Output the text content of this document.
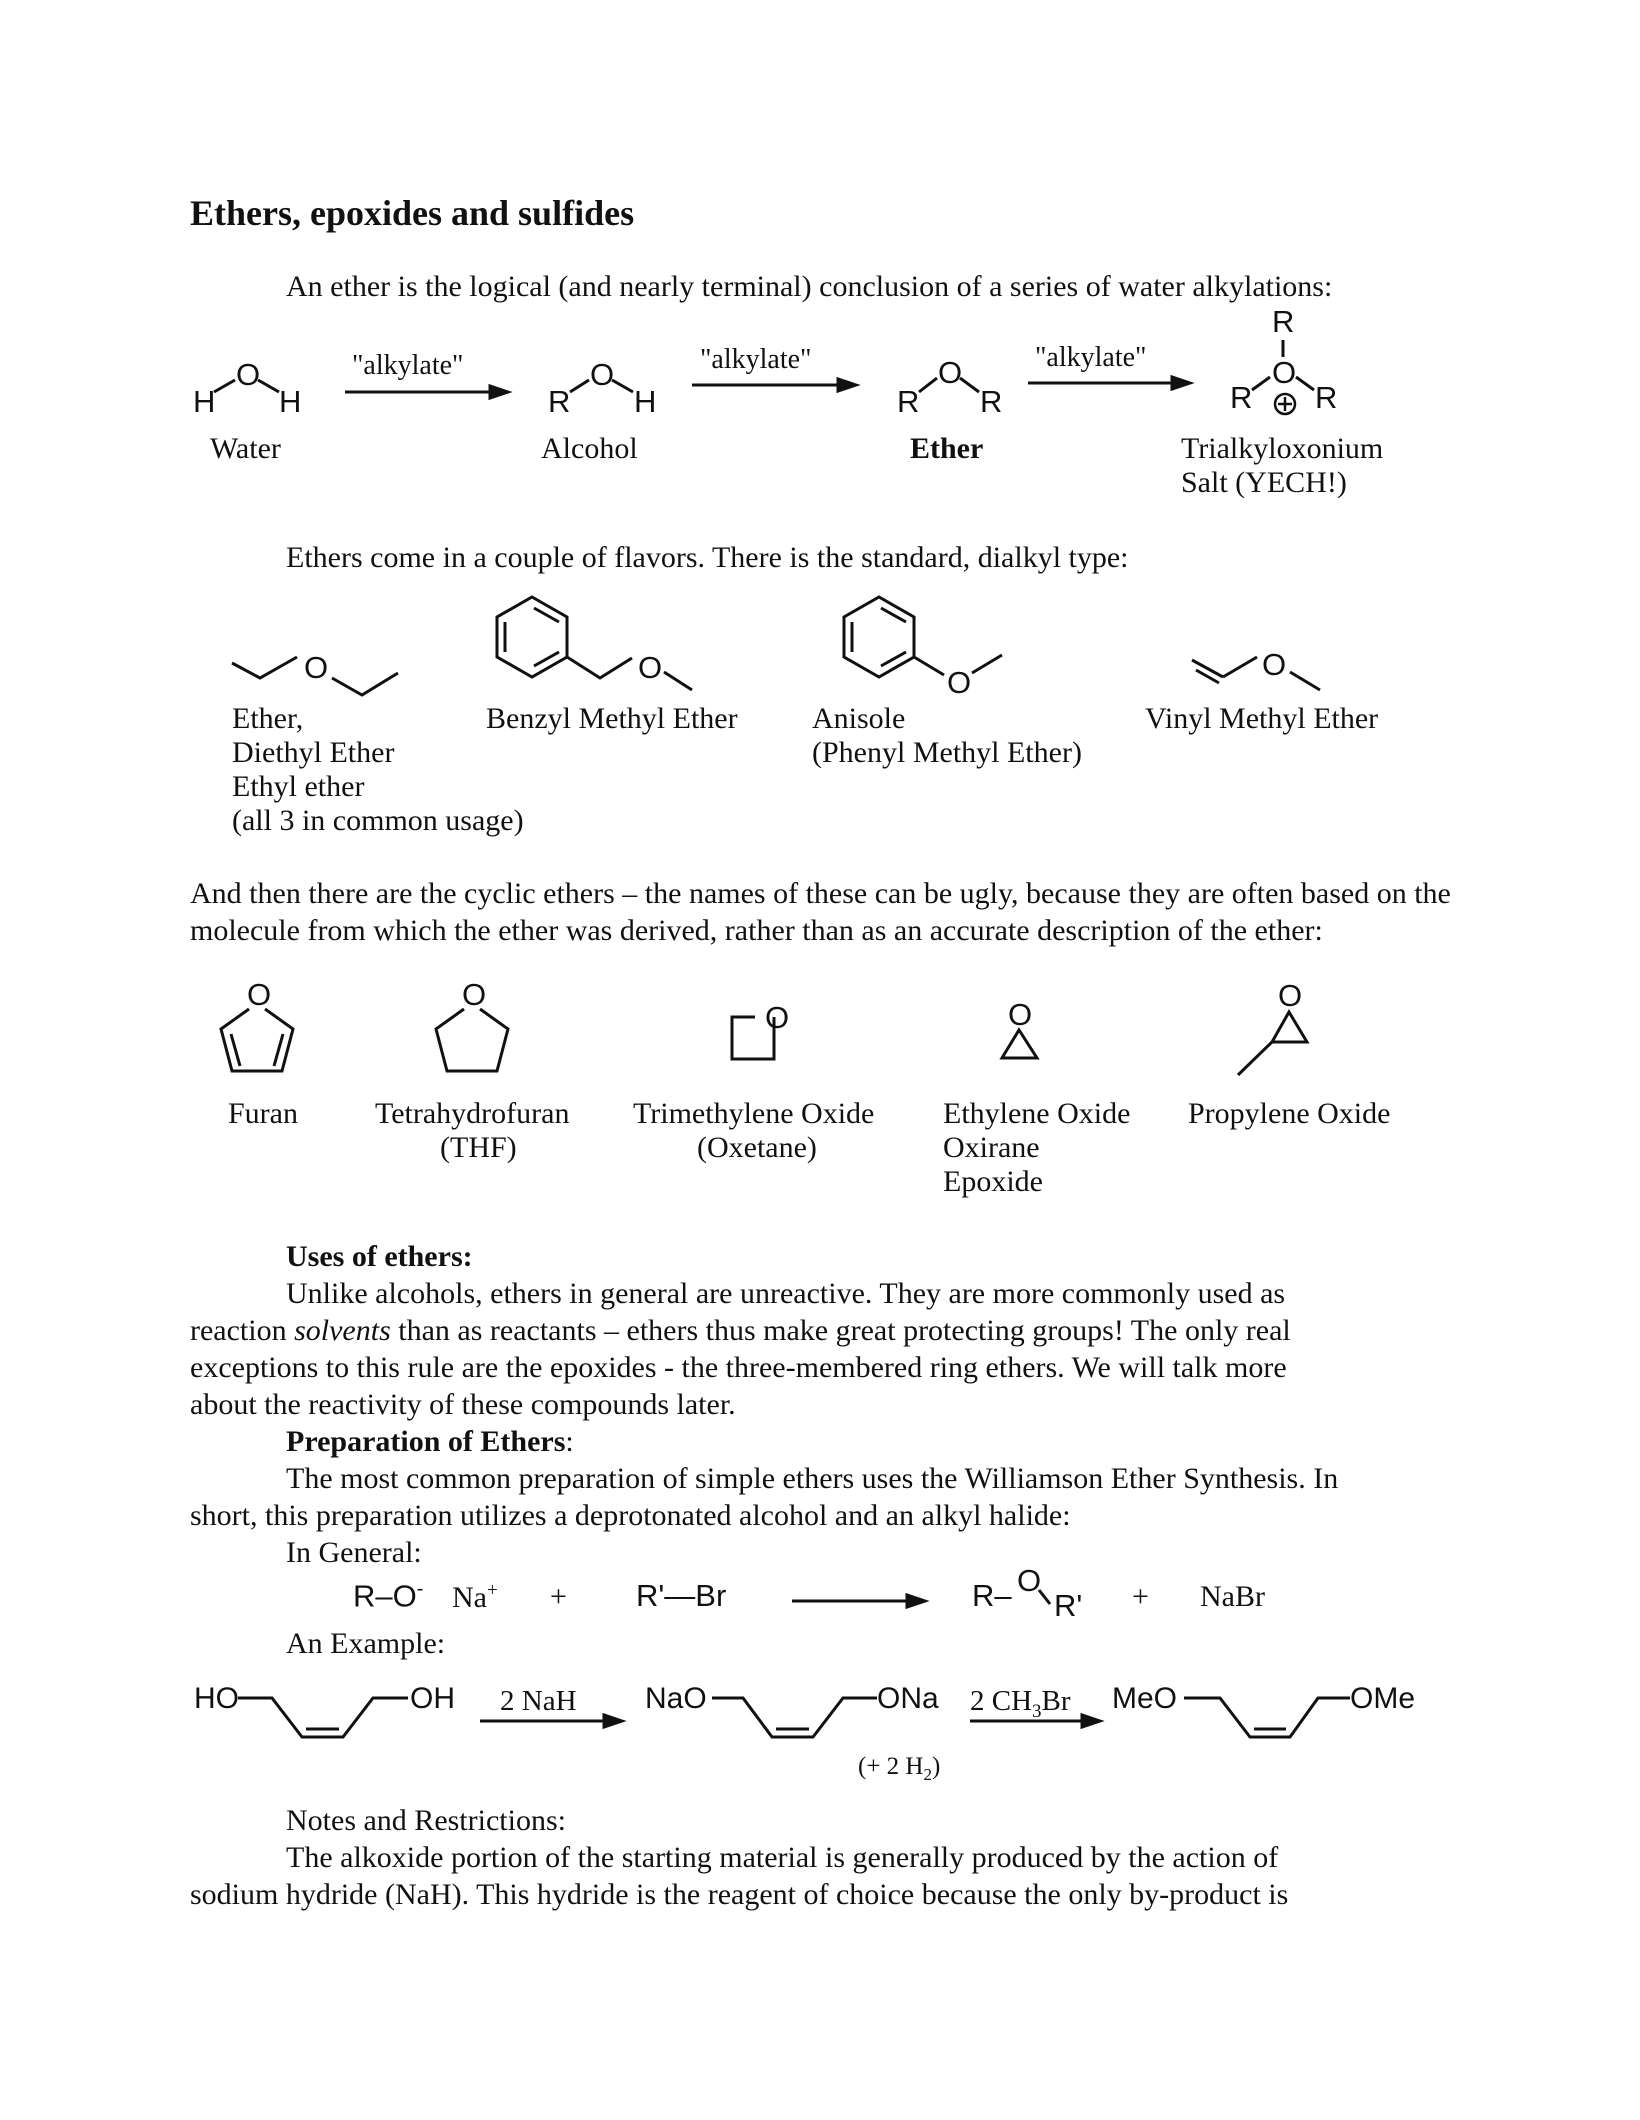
Ethers, epoxides and sulfides
An ether is the logical (and nearly terminal) conclusion of a series of water alkylations:
H
O
H	R
O
H	R
O
R
R
O
R R
"alkylate"	"alkylate"	"alkylate"
Water	Alcohol	Ether	Trialkyloxonium
Salt (YECH!)
Ethers come in a couple of flavors. There is the standard, dialkyl type:
O	O	O
O
Ether,
Diethyl Ether
Ethyl ether
(all 3 in common usage)
Benzyl Methyl Ether Anisole
(Phenyl Methyl Ether)
Vinyl Methyl Ether
And then there are the cyclic ethers – the names of these can be ugly, because they are often based on the molecule from which the ether was derived, rather than as an accurate description of the ether:
O	O
O	O
O
Furan	Tetrahydrofuran
(THF)
Trimethylene Oxide
(Oxetane)
Ethylene Oxide
Oxirane
Epoxide
Propylene Oxide
Uses of ethers:
Unlike alcohols, ethers in general are unreactive. They are more commonly used as
reaction solvents than as reactants – ethers thus make great protecting groups! The only real
exceptions to this rule are the epoxides - the three-membered ring ethers. We will talk more
about the reactivity of these compounds later.
Preparation of Ethers:
The most common preparation of simple ethers uses the Williamson Ether Synthesis. In
short, this preparation utilizes a deprotonated alcohol and an alkyl halide:
In General:
R–O- Na+ + R'—Br	R– O
R' + NaBr
An Example:
HO	OH	NaO	ONa	MeO	OMe
2 NaH	2 $CH_3Br$
(+ 2 $H_2$)
Notes and Restrictions:
The alkoxide portion of the starting material is generally produced by the action of
sodium hydride (NaH). This hydride is the reagent of choice because the only by-product is
